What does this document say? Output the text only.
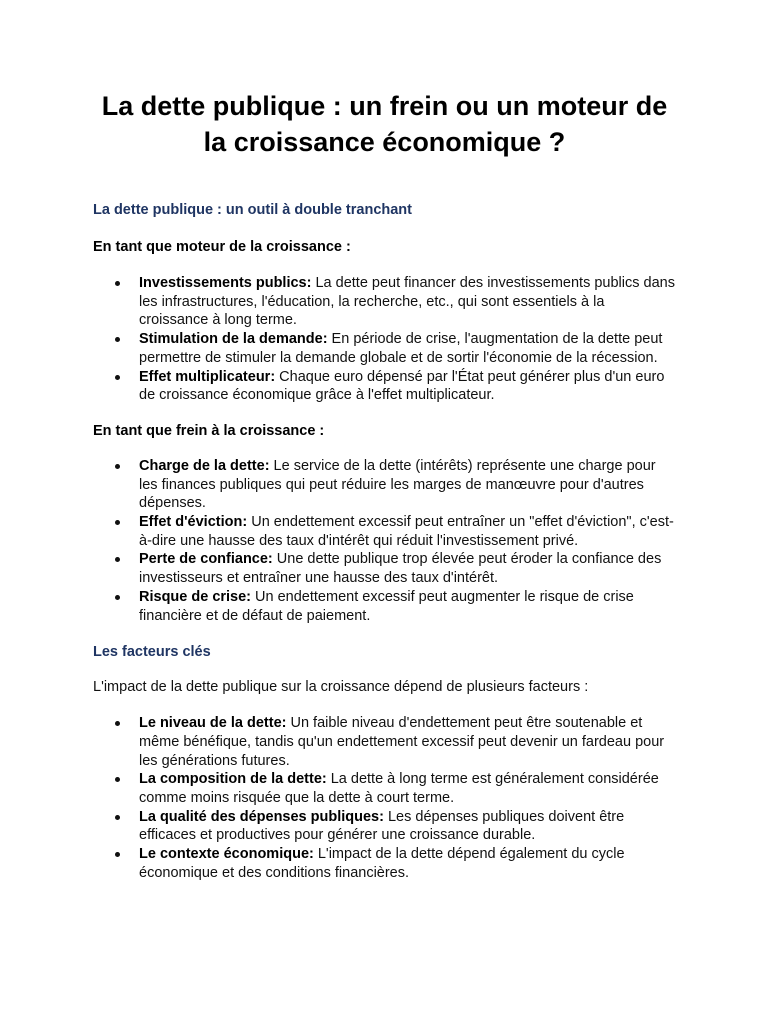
La dette publique : un frein ou un moteur de la croissance économique ?
La dette publique : un outil à double tranchant
En tant que moteur de la croissance :
Investissements publics: La dette peut financer des investissements publics dans les infrastructures, l'éducation, la recherche, etc., qui sont essentiels à la croissance à long terme.
Stimulation de la demande: En période de crise, l'augmentation de la dette peut permettre de stimuler la demande globale et de sortir l'économie de la récession.
Effet multiplicateur: Chaque euro dépensé par l'État peut générer plus d'un euro de croissance économique grâce à l'effet multiplicateur.
En tant que frein à la croissance :
Charge de la dette: Le service de la dette (intérêts) représente une charge pour les finances publiques qui peut réduire les marges de manœuvre pour d'autres dépenses.
Effet d'éviction: Un endettement excessif peut entraîner un "effet d'éviction", c'est-à-dire une hausse des taux d'intérêt qui réduit l'investissement privé.
Perte de confiance: Une dette publique trop élevée peut éroder la confiance des investisseurs et entraîner une hausse des taux d'intérêt.
Risque de crise: Un endettement excessif peut augmenter le risque de crise financière et de défaut de paiement.
Les facteurs clés

L'impact de la dette publique sur la croissance dépend de plusieurs facteurs :

Le niveau de la dette: Un faible niveau d'endettement peut être soutenable et même bénéfique, tandis qu'un endettement excessif peut devenir un fardeau pour les générations futures.
La composition de la dette: La dette à long terme est généralement considérée comme moins risquée que la dette à court terme.
La qualité des dépenses publiques: Les dépenses publiques doivent être efficaces et productives pour générer une croissance durable.
Le contexte économique: L'impact de la dette dépend également du cycle économique et des conditions financières.
